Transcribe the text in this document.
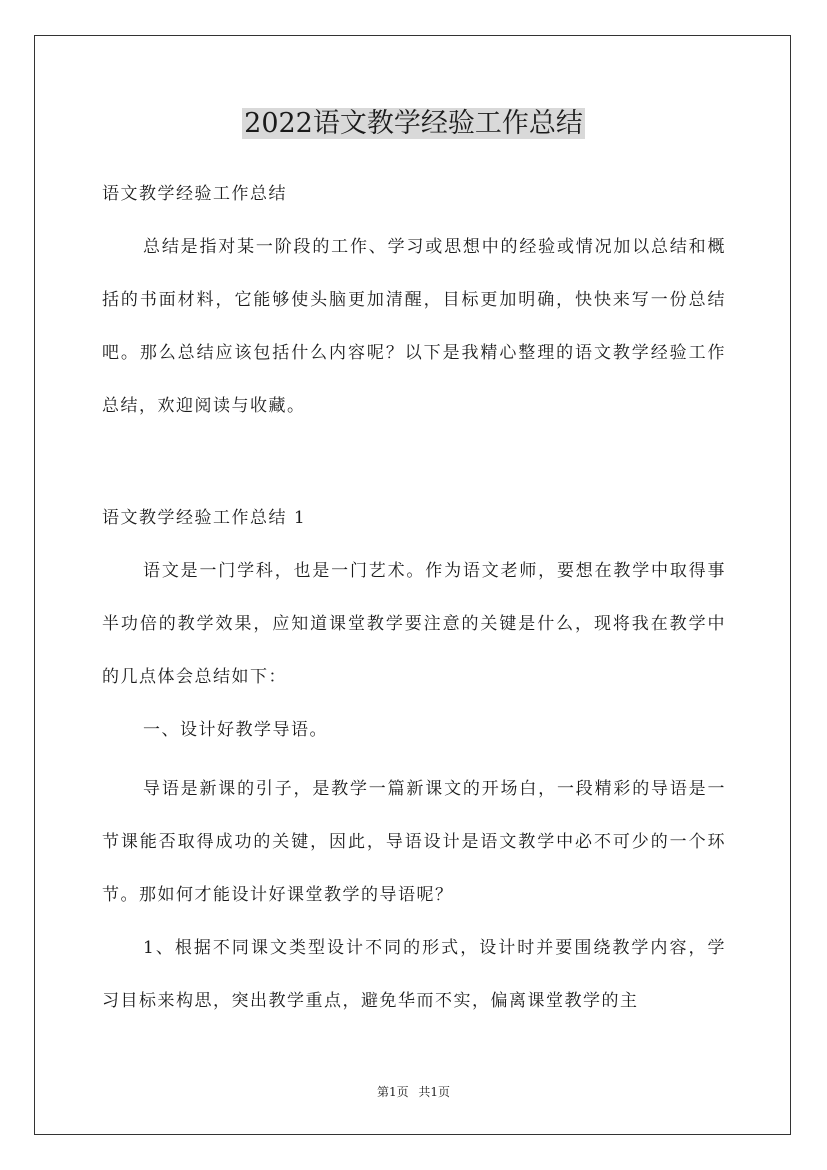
2022语文教学经验工作总结

语文教学经验工作总结

总结是指对某一阶段的工作、学习或思想中的经验或情况加以总结和概括的书面材料，它能够使头脑更加清醒，目标更加明确，快快来写一份总结吧。那么总结应该包括什么内容呢？以下是我精心整理的语文教学经验工作总结，欢迎阅读与收藏。

语文教学经验工作总结 1

语文是一门学科，也是一门艺术。作为语文老师，要想在教学中取得事半功倍的教学效果，应知道课堂教学要注意的关键是什么，现将我在教学中的几点体会总结如下：

一、设计好教学导语。

导语是新课的引子，是教学一篇新课文的开场白，一段精彩的导语是一节课能否取得成功的关键，因此，导语设计是语文教学中必不可少的一个环节。那如何才能设计好课堂教学的导语呢？

1、根据不同课文类型设计不同的形式，设计时并要围绕教学内容，学习目标来构思，突出教学重点，避免华而不实，偏离课堂教学的主

第1页 共1页
